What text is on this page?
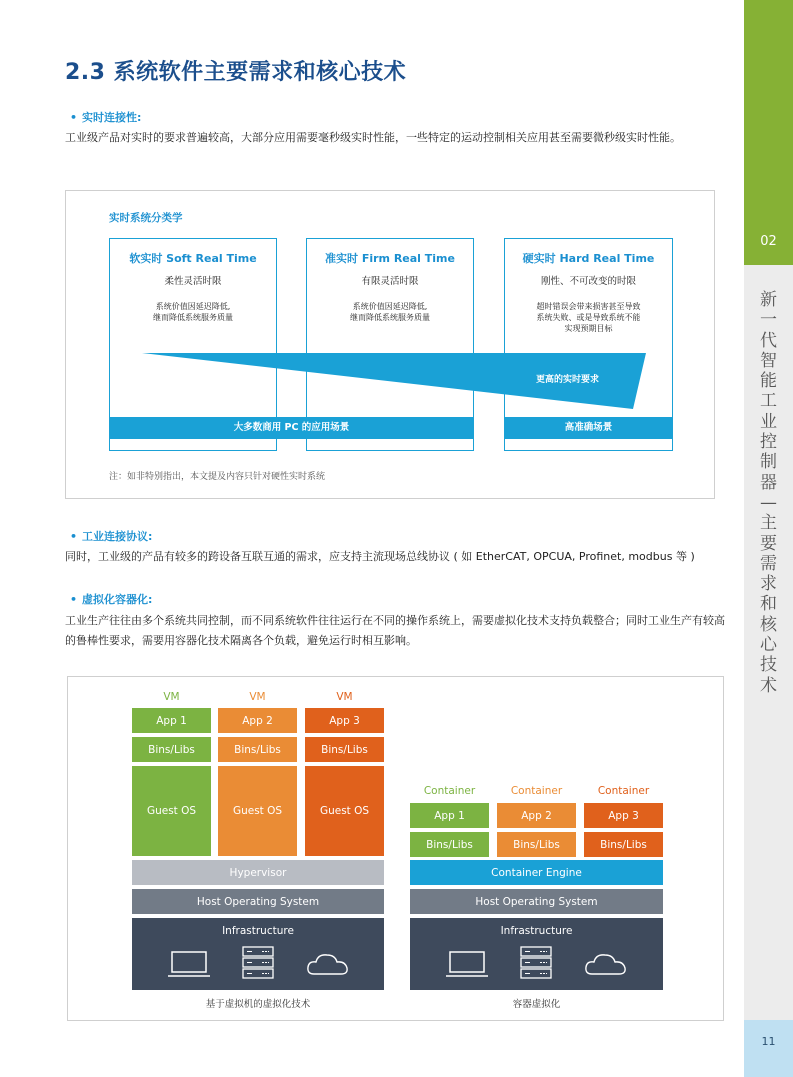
02
新一代智能工业控制器—主要需求和核心技术
11
2.3 系统软件主要需求和核心技术
• 实时连接性:
工业级产品对实时的要求普遍较高，大部分应用需要毫秒级实时性能，一些特定的运动控制相关应用甚至需要微秒级实时性能。
实时系统分类学
软实时 Soft Real Time
柔性灵活时限
系统价值因延迟降低,
继而降低系统服务质量
准实时 Firm Real Time
有限灵活时限
系统价值因延迟降低,
继而降低系统服务质量
硬实时 Hard Real Time
刚性、不可改变的时限
超时错误会带来损害甚至导致
系统失败、或是导致系统不能
实现预期目标
更高的实时要求
大多数商用 PC 的应用场景	高准确场景
注：如非特别指出，本文提及内容只针对硬性实时系统
• 工业连接协议:
同时，工业级的产品有较多的跨设备互联互通的需求，应支持主流现场总线协议 ( 如 EtherCAT, OPCUA, Profinet, modbus 等 )
• 虚拟化容器化:
工业生产往往由多个系统共同控制，而不同系统软件往往运行在不同的操作系统上，需要虚拟化技术支持负载整合；同时工业生产有较高的鲁棒性要求，需要用容器化技术隔离各个负载，避免运行时相互影响。
VM	VM	VM
App 1	App 2	App 3
Bins/Libs	Bins/Libs	Bins/Libs
Guest OS	Guest OS	Guest OS
Hypervisor
Host Operating System
Infrastructure
基于虚拟机的虚拟化技术
Container	Container	Container
App 1	App 2	App 3
Bins/Libs	Bins/Libs	Bins/Libs
Container Engine
Host Operating System
Infrastructure
容器虚拟化
